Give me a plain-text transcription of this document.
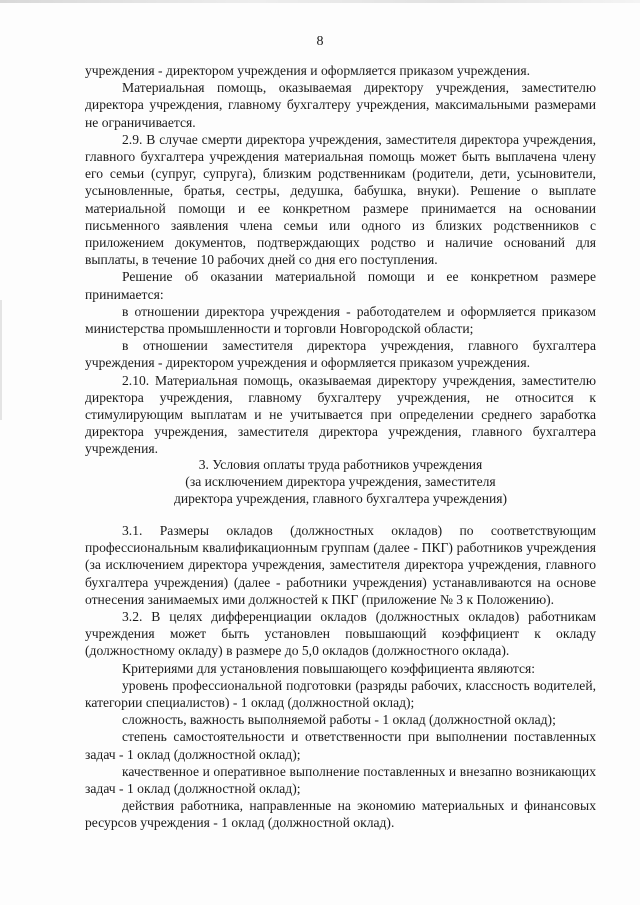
8

учреждения - директором учреждения и оформляется приказом учреждения.

Материальная помощь, оказываемая директору учреждения, заместителю директора учреждения, главному бухгалтеру учреждения, максимальными размерами не ограничивается.

2.9. В случае смерти директора учреждения, заместителя директора учреждения, главного бухгалтера учреждения материальная помощь может быть выплачена члену его семьи (супруг, супруга), близким родственникам (родители, дети, усыновители, усыновленные, братья, сестры, дедушка, бабушка, внуки). Решение о выплате материальной помощи и ее конкретном размере принимается на основании письменного заявления члена семьи или одного из близких родственников с приложением документов, подтверждающих родство и наличие оснований для выплаты, в течение 10 рабочих дней со дня его поступления.

Решение об оказании материальной помощи и ее конкретном размере принимается:

в отношении директора учреждения - работодателем и оформляется приказом министерства промышленности и торговли Новгородской области;

в отношении заместителя директора учреждения, главного бухгалтера учреждения - директором учреждения и оформляется приказом учреждения.

2.10. Материальная помощь, оказываемая директору учреждения, заместителю директора учреждения, главному бухгалтеру учреждения, не относится к стимулирующим выплатам и не учитывается при определении среднего заработка директора учреждения, заместителя директора учреждения, главного бухгалтера учреждения.

3. Условия оплаты труда работников учреждения
(за исключением директора учреждения, заместителя
директора учреждения, главного бухгалтера учреждения)

3.1. Размеры окладов (должностных окладов) по соответствующим профессиональным квалификационным группам (далее - ПКГ) работников учреждения (за исключением директора учреждения, заместителя директора учреждения, главного бухгалтера учреждения) (далее - работники учреждения) устанавливаются на основе отнесения занимаемых ими должностей к ПКГ (приложение № 3 к Положению).

3.2. В целях дифференциации окладов (должностных окладов) работникам учреждения может быть установлен повышающий коэффициент к окладу (должностному окладу) в размере до 5,0 окладов (должностного оклада).

Критериями для установления повышающего коэффициента являются:

уровень профессиональной подготовки (разряды рабочих, классность водителей, категории специалистов) - 1 оклад (должностной оклад);

сложность, важность выполняемой работы - 1 оклад (должностной оклад);

степень самостоятельности и ответственности при выполнении поставленных задач - 1 оклад (должностной оклад);

качественное и оперативное выполнение поставленных и внезапно возникающих задач - 1 оклад (должностной оклад);

действия работника, направленные на экономию материальных и финансовых ресурсов учреждения - 1 оклад (должностной оклад).
